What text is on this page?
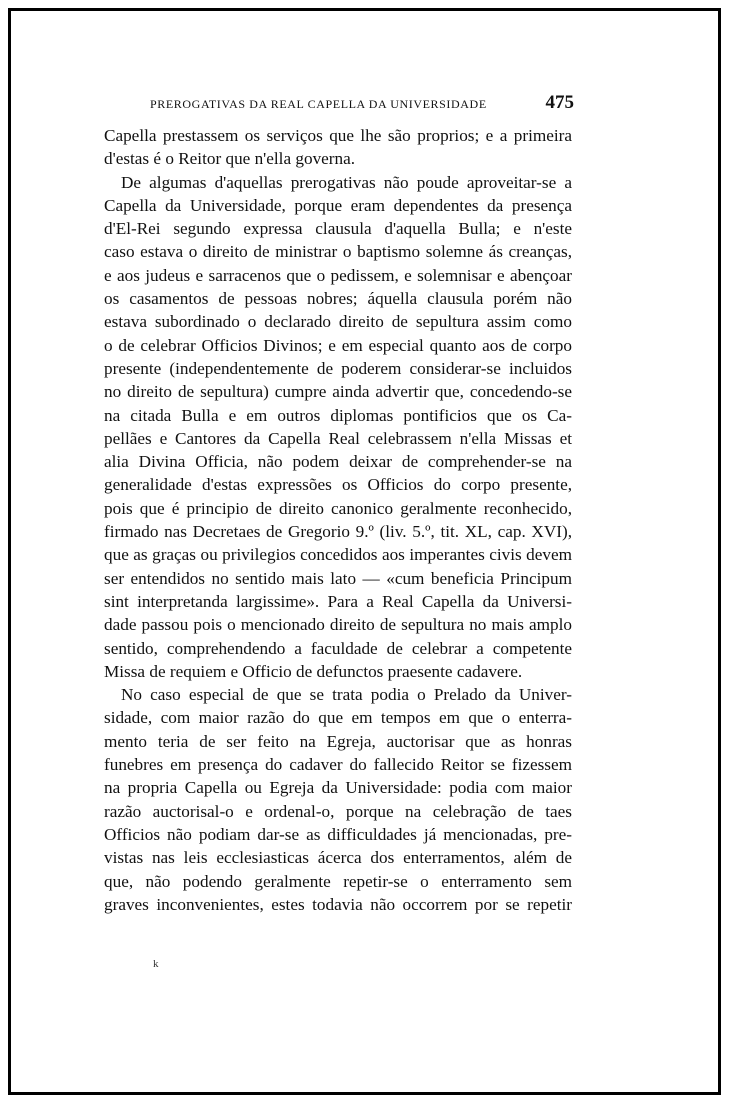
PREROGATIVAS DA REAL CAPELLA DA UNIVERSIDADE	475
Capella prestassem os serviços que lhe são proprios; e a primeira
d'estas é o Reitor que n'ella governa.
De algumas d'aquellas prerogativas não poude aproveitar-se a
Capella da Universidade, porque eram dependentes da presença
d'El-Rei segundo expressa clausula d'aquella Bulla; e n'este
caso estava o direito de ministrar o baptismo solemne ás creanças,
e aos judeus e sarracenos que o pedissem, e solemnisar e abençoar
os casamentos de pessoas nobres; áquella clausula porém não
estava subordinado o declarado direito de sepultura assim como
o de celebrar Officios Divinos; e em especial quanto aos de corpo
presente (independentemente de poderem considerar-se incluidos
no direito de sepultura) cumpre ainda advertir que, concedendo-se
na citada Bulla e em outros diplomas pontificios que os Ca-
pellães e Cantores da Capella Real celebrassem n'ella Missas et
alia Divina Officia, não podem deixar de comprehender-se na
generalidade d'estas expressões os Officios do corpo presente,
pois que é principio de direito canonico geralmente reconhecido,
firmado nas Decretaes de Gregorio 9.º (liv. 5.º, tit. XL, cap. XVI),
que as graças ou privilegios concedidos aos imperantes civis devem
ser entendidos no sentido mais lato — «cum beneficia Principum
sint interpretanda largissime». Para a Real Capella da Universi-
dade passou pois o mencionado direito de sepultura no mais amplo
sentido, comprehendendo a faculdade de celebrar a competente
Missa de requiem e Officio de defunctos praesente cadavere.
No caso especial de que se trata podia o Prelado da Univer-
sidade, com maior razão do que em tempos em que o enterra-
mento teria de ser feito na Egreja, auctorisar que as honras
funebres em presença do cadaver do fallecido Reitor se fizessem
na propria Capella ou Egreja da Universidade: podia com maior
razão auctorisal-o e ordenal-o, porque na celebração de taes
Officios não podiam dar-se as difficuldades já mencionadas, pre-
vistas nas leis ecclesiasticas ácerca dos enterramentos, além de
que, não podendo geralmente repetir-se o enterramento sem
graves inconvenientes, estes todavia não occorrem por se repetir
k
